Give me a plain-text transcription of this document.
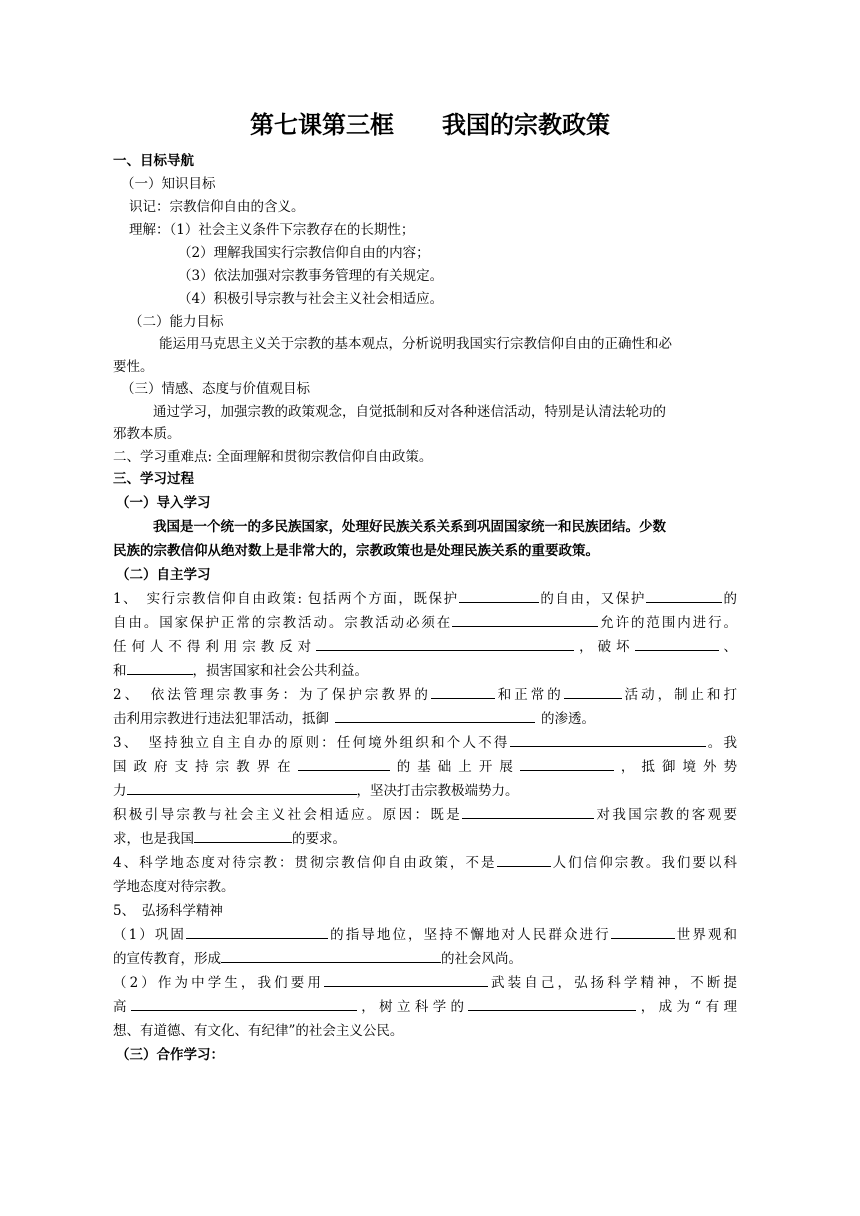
第七课第三框　　我国的宗教政策
一、目标导航
（一）知识目标
识记：宗教信仰自由的含义。
理解：（1）社会主义条件下宗教存在的长期性；
（2）理解我国实行宗教信仰自由的内容；
（3）依法加强对宗教事务管理的有关规定。
（4）积极引导宗教与社会主义社会相适应。
（二）能力目标
能运用马克思主义关于宗教的基本观点，分析说明我国实行宗教信仰自由的正确性和必
要性。
（三）情感、态度与价值观目标
通过学习，加强宗教的政策观念，自觉抵制和反对各种迷信活动，特别是认清法轮功的
邪教本质。
二、学习重难点: 全面理解和贯彻宗教信仰自由政策。
三、学习过程
（一）导入学习
我国是一个统一的多民族国家，处理好民族关系关系到巩固国家统一和民族团结。少数
民族的宗教信仰从绝对数上是非常大的，宗教政策也是处理民族关系的重要政策。
（二）自主学习
1、　实行宗教信仰自由政策: 包括两个方面，既保护	的自由，又保护	的
自由。国家保护正常的宗教活动。宗教活动必须在	允许的范围内进行。
任何人不得利用宗教反对	，破坏	、
和	，损害国家和社会公共利益。
2、　依法管理宗教事务：为了保护宗教界的	和正常的	活动，制止和打
击利用宗教进行违法犯罪活动，抵御	的渗透。
3、　坚持独立自主自办的原则：任何境外组织和个人不得	。我
国政府支持宗教界在	的基础上开展	，抵御境外势
力	，坚决打击宗教极端势力。
积极引导宗教与社会主义社会相适应。原因：既是	对我国宗教的客观要
求，也是我国	的要求。
4、科学地态度对待宗教：贯彻宗教信仰自由政策，不是	人们信仰宗教。我们要以科
学地态度对待宗教。
5、　弘扬科学精神
（1）巩固	的指导地位，坚持不懈地对人民群众进行	世界观和
的宣传教育，形成	的社会风尚。
（2）作为中学生，我们要用	武装自己，弘扬科学精神，不断提
高	，树立科学的	，成为“有理
想、有道德、有文化、有纪律”的社会主义公民。
（三）合作学习：
